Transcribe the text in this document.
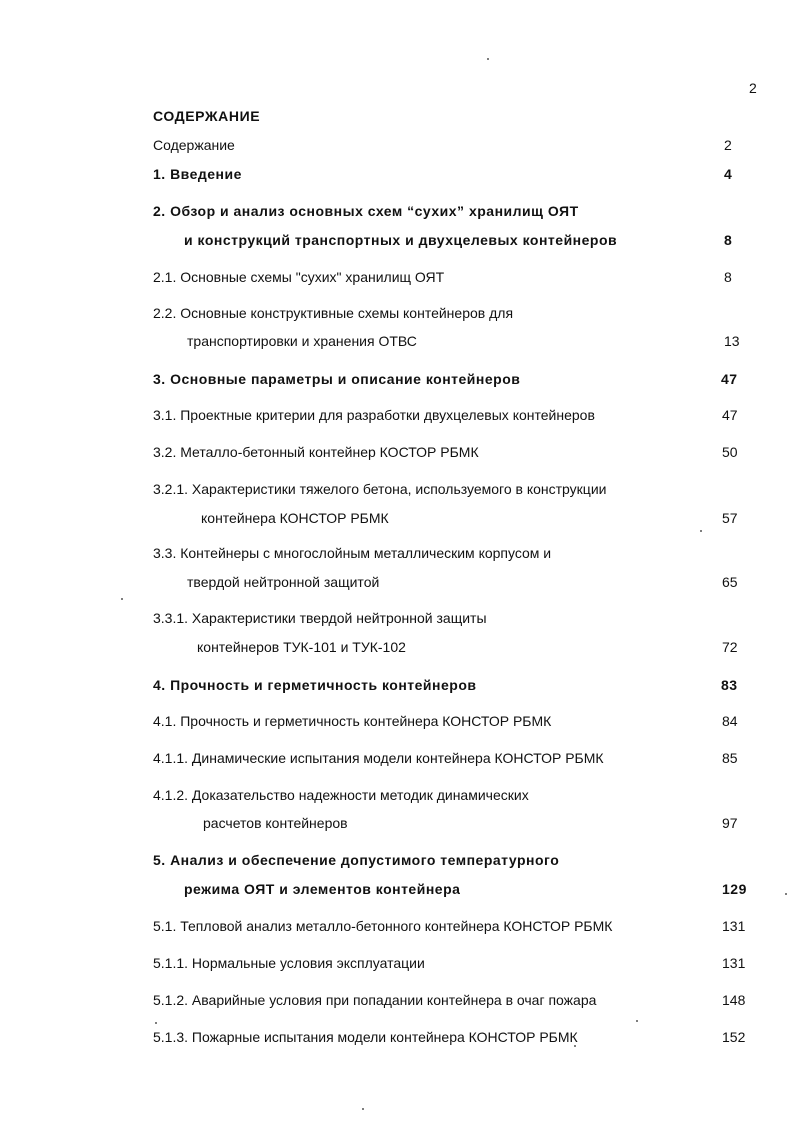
2
СОДЕРЖАНИЕ
Содержание	2
1. Введение	4
2. Обзор и анализ основных схем “сухих” хранилищ ОЯТ
и конструкций транспортных и двухцелевых контейнеров	8
2.1. Основные схемы "сухих" хранилищ ОЯТ	8
2.2. Основные конструктивные схемы контейнеров для
транспортировки и хранения ОТВС	13
3. Основные параметры и описание контейнеров	47
3.1. Проектные критерии для разработки двухцелевых контейнеров	47
3.2. Металло-бетонный контейнер КОСТОР РБМК	50
3.2.1. Характеристики тяжелого бетона, используемого в конструкции
контейнера КОНСТОР РБМК	57
3.3. Контейнеры с многослойным металлическим корпусом и
твердой нейтронной защитой	65
3.3.1. Характеристики твердой нейтронной защиты
контейнеров ТУК-101 и ТУК-102	72
4. Прочность и герметичность контейнеров	83
4.1. Прочность и герметичность контейнера КОНСТОР РБМК	84
4.1.1. Динамические испытания модели контейнера КОНСТОР РБМК	85
4.1.2. Доказательство надежности методик динамических
расчетов контейнеров	97
5. Анализ и обеспечение допустимого температурного
режима ОЯТ и элементов контейнера	129
5.1. Тепловой анализ металло-бетонного контейнера КОНСТОР РБМК	131
5.1.1. Нормальные условия эксплуатации	131
5.1.2. Аварийные условия при попадании контейнера в очаг пожара	148
5.1.3. Пожарные испытания модели контейнера КОНСТОР РБМК	152
